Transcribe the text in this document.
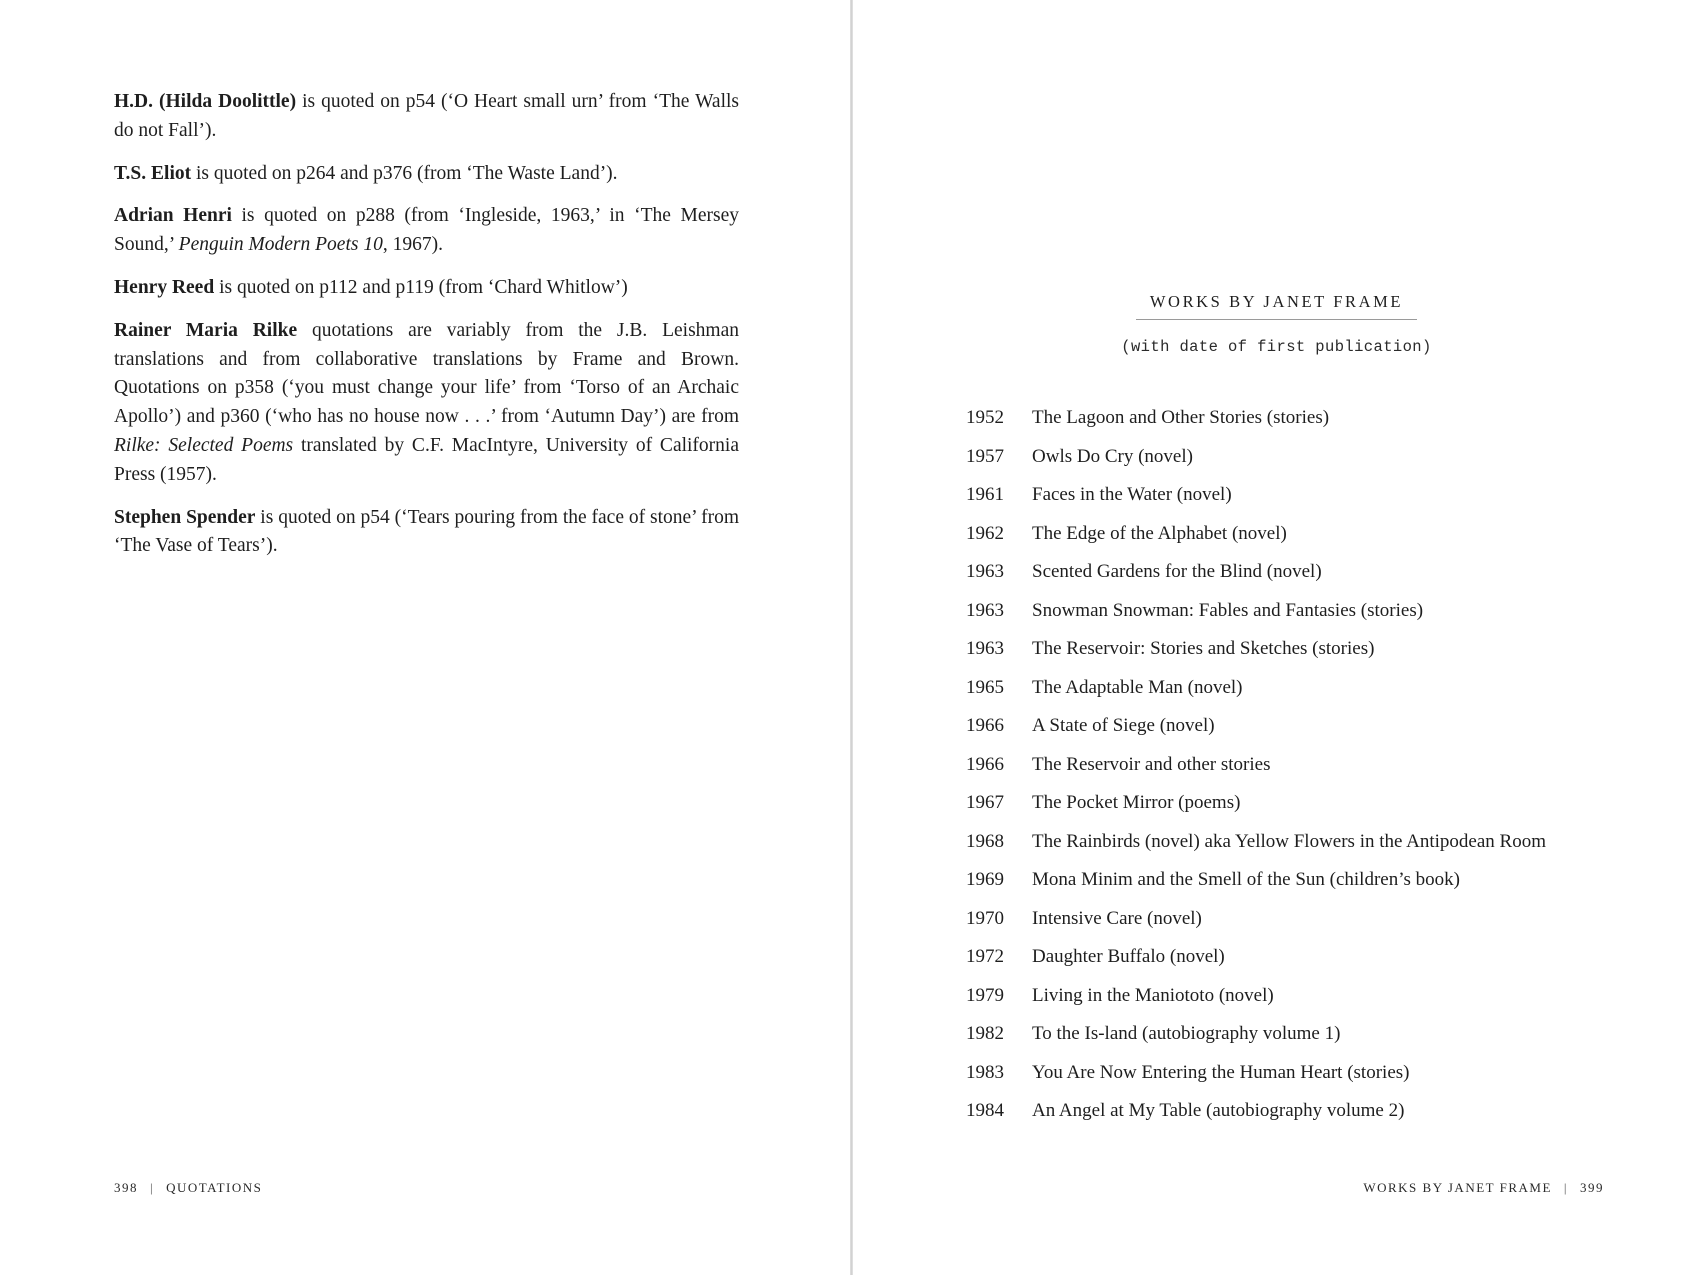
H.D. (Hilda Doolittle) is quoted on p54 (‘O Heart small urn’ from ‘The Walls do not Fall’).

T.S. Eliot is quoted on p264 and p376 (from ‘The Waste Land’).

Adrian Henri is quoted on p288 (from ‘Ingleside, 1963,’ in ‘The Mersey Sound,’ Penguin Modern Poets 10, 1967).

Henry Reed is quoted on p112 and p119 (from ‘Chard Whitlow’)

Rainer Maria Rilke quotations are variably from the J.B. Leishman translations and from collaborative translations by Frame and Brown. Quotations on p358 (‘you must change your life’ from ‘Torso of an Archaic Apollo’) and p360 (‘who has no house now . . .’ from ‘Autumn Day’) are from Rilke: Selected Poems translated by C.F. MacIntyre, University of California Press (1957).

Stephen Spender is quoted on p54 (‘Tears pouring from the face of stone’ from ‘The Vase of Tears’).

398 | QUOTATIONS
WORKS BY JANET FRAME
(with date of first publication)
1952 The Lagoon and Other Stories (stories)
1957 Owls Do Cry (novel)
1961 Faces in the Water (novel)
1962 The Edge of the Alphabet (novel)
1963 Scented Gardens for the Blind (novel)
1963 Snowman Snowman: Fables and Fantasies (stories)
1963 The Reservoir: Stories and Sketches (stories)
1965 The Adaptable Man (novel)
1966 A State of Siege (novel)
1966 The Reservoir and other stories
1967 The Pocket Mirror (poems)
1968 The Rainbirds (novel) aka Yellow Flowers in the Antipodean Room
1969 Mona Minim and the Smell of the Sun (children’s book)
1970 Intensive Care (novel)
1972 Daughter Buffalo (novel)
1979 Living in the Maniototo (novel)
1982 To the Is-land (autobiography volume 1)
1983 You Are Now Entering the Human Heart (stories)
1984 An Angel at My Table (autobiography volume 2)
WORKS BY JANET FRAME | 399
